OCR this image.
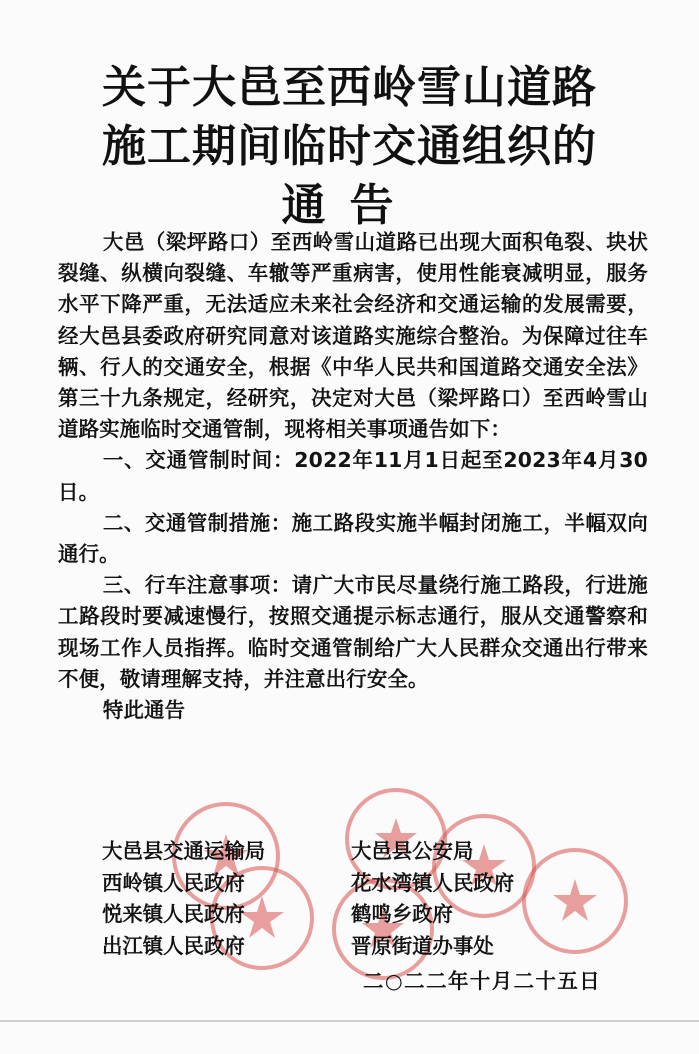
关于大邑至西岭雪山道路
施工期间临时交通组织的
通告

大邑（梁坪路口）至西岭雪山道路已出现大面积龟裂、块状裂缝、纵横向裂缝、车辙等严重病害，使用性能衰减明显，服务水平下降严重，无法适应未来社会经济和交通运输的发展需要，经大邑县委政府研究同意对该道路实施综合整治。为保障过往车辆、行人的交通安全，根据《中华人民共和国道路交通安全法》第三十九条规定，经研究，决定对大邑（梁坪路口）至西岭雪山道路实施临时交通管制，现将相关事项通告如下：

一、交通管制时间：2022年11月1日起至2023年4月30日。

二、交通管制措施：施工路段实施半幅封闭施工，半幅双向通行。

三、行车注意事项：请广大市民尽量绕行施工路段，行进施工路段时要减速慢行，按照交通提示标志通行，服从交通警察和现场工作人员指挥。临时交通管制给广大人民群众交通出行带来不便，敬请理解支持，并注意出行安全。

特此通告

大邑县交通运输局	大邑县公安局
西岭镇人民政府	花水湾镇人民政府
悦来镇人民政府	鹤鸣乡政府
出江镇人民政府	晋原街道办事处
二○二二年十月二十五日
